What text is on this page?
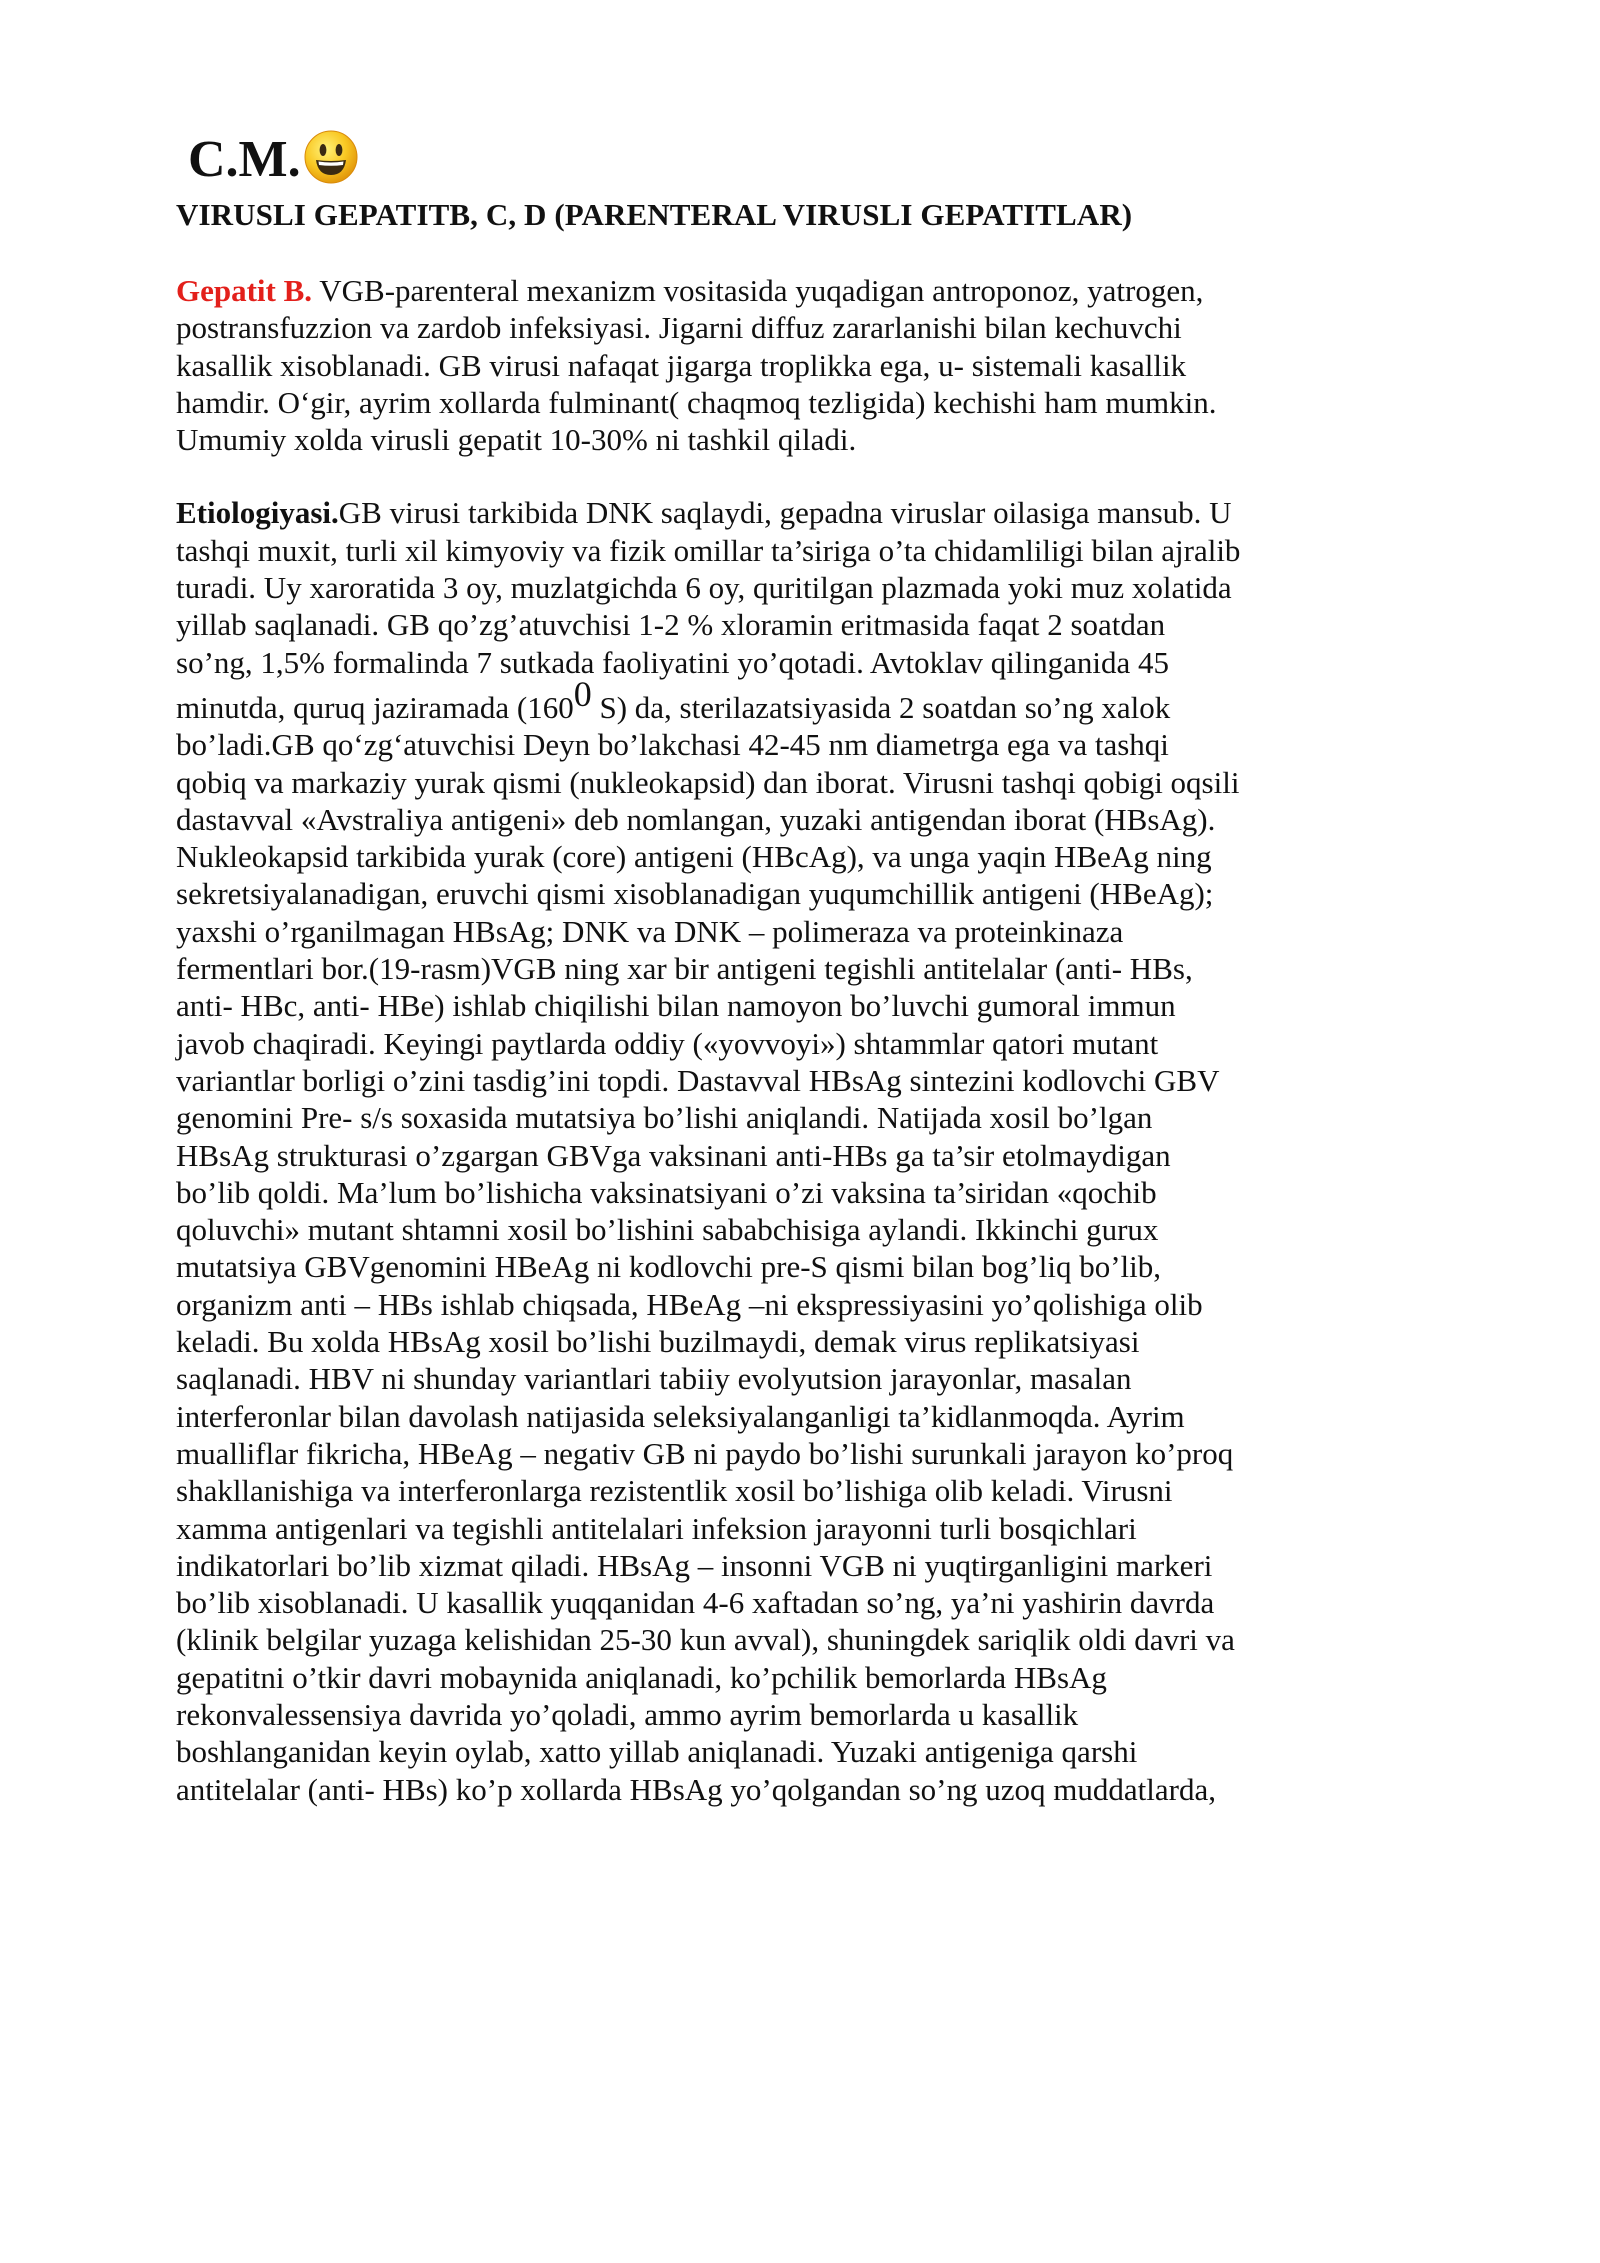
C.M.
VIRUSLI GEPATITB, C, D (PARENTERAL VIRUSLI GEPATITLAR)

Gepatit B. VGB-parenteral mexanizm vositasida yuqadigan antroponoz, yatrogen,
postransfuzzion va zardob infeksiyasi. Jigarni diffuz zararlanishi bilan kechuvchi
kasallik xisoblanadi. GB virusi nafaqat jigarga troplikka ega, u- sistemali kasallik
hamdir. O‘gir, ayrim xollarda fulminant( chaqmoq tezligida) kechishi ham mumkin.
Umumiy xolda virusli gepatit 10-30% ni tashkil qiladi.

Etiologiyasi.GB virusi tarkibida DNK saqlaydi, gepadna viruslar oilasiga mansub. U
tashqi muxit, turli xil kimyoviy va fizik omillar ta’siriga o’ta chidamliligi bilan ajralib
turadi. Uy xaroratida 3 oy, muzlatgichda 6 oy, quritilgan plazmada yoki muz xolatida
yillab saqlanadi. GB qo’zg’atuvchisi 1-2 % xloramin eritmasida faqat 2 soatdan
so’ng, 1,5% formalinda 7 sutkada faoliyatini yo’qotadi. Avtoklav qilinganida 45
minutda, quruq jaziramada (1600 S) da, sterilazatsiyasida 2 soatdan so’ng xalok
bo’ladi.GB qo‘zg‘atuvchisi Deyn bo’lakchasi 42-45 nm diametrga ega va tashqi
qobiq va markaziy yurak qismi (nukleokapsid) dan iborat. Virusni tashqi qobigi oqsili
dastavval «Avstraliya antigeni» deb nomlangan, yuzaki antigendan iborat (HBsAg).
Nukleokapsid tarkibida yurak (core) antigeni (HBcAg), va unga yaqin HBeAg ning
sekretsiyalanadigan, eruvchi qismi xisoblanadigan yuqumchillik antigeni (HBeAg);
yaxshi o’rganilmagan HBsAg; DNK va DNK – polimeraza va proteinkinaza
fermentlari bor.(19-rasm)VGB ning xar bir antigeni tegishli antitelalar (anti- HBs,
anti- HBc, anti- HBe) ishlab chiqilishi bilan namoyon bo’luvchi gumoral immun
javob chaqiradi. Keyingi paytlarda oddiy («yovvoyi») shtammlar qatori mutant
variantlar borligi o’zini tasdig’ini topdi. Dastavval HBsAg sintezini kodlovchi GBV
genomini Pre- s/s soxasida mutatsiya bo’lishi aniqlandi. Natijada xosil bo’lgan
HBsAg strukturasi o’zgargan GBVga vaksinani anti-HBs ga ta’sir etolmaydigan
bo’lib qoldi. Ma’lum bo’lishicha vaksinatsiyani o’zi vaksina ta’siridan «qochib
qoluvchi» mutant shtamni xosil bo’lishini sababchisiga aylandi. Ikkinchi gurux
mutatsiya GBVgenomini HBeAg ni kodlovchi pre-S qismi bilan bog’liq bo’lib,
organizm anti – HBs ishlab chiqsada, HBeAg –ni ekspressiyasini yo’qolishiga olib
keladi. Bu xolda HBsAg xosil bo’lishi buzilmaydi, demak virus replikatsiyasi
saqlanadi. HBV ni shunday variantlari tabiiy evolyutsion jarayonlar, masalan
interferonlar bilan davolash natijasida seleksiyalanganligi ta’kidlanmoqda. Ayrim
mualliflar fikricha, HBeAg – negativ GB ni paydo bo’lishi surunkali jarayon ko’proq
shakllanishiga va interferonlarga rezistentlik xosil bo’lishiga olib keladi. Virusni
xamma antigenlari va tegishli antitelalari infeksion jarayonni turli bosqichlari
indikatorlari bo’lib xizmat qiladi. HBsAg – insonni VGB ni yuqtirganligini markeri
bo’lib xisoblanadi. U kasallik yuqqanidan 4-6 xaftadan so’ng, ya’ni yashirin davrda
(klinik belgilar yuzaga kelishidan 25-30 kun avval), shuningdek sariqlik oldi davri va
gepatitni o’tkir davri mobaynida aniqlanadi, ko’pchilik bemorlarda HBsAg
rekonvalessensiya davrida yo’qoladi, ammo ayrim bemorlarda u kasallik
boshlanganidan keyin oylab, xatto yillab aniqlanadi. Yuzaki antigeniga qarshi
antitelalar (anti- HBs) ko’p xollarda HBsAg yo’qolgandan so’ng uzoq muddatlarda,
